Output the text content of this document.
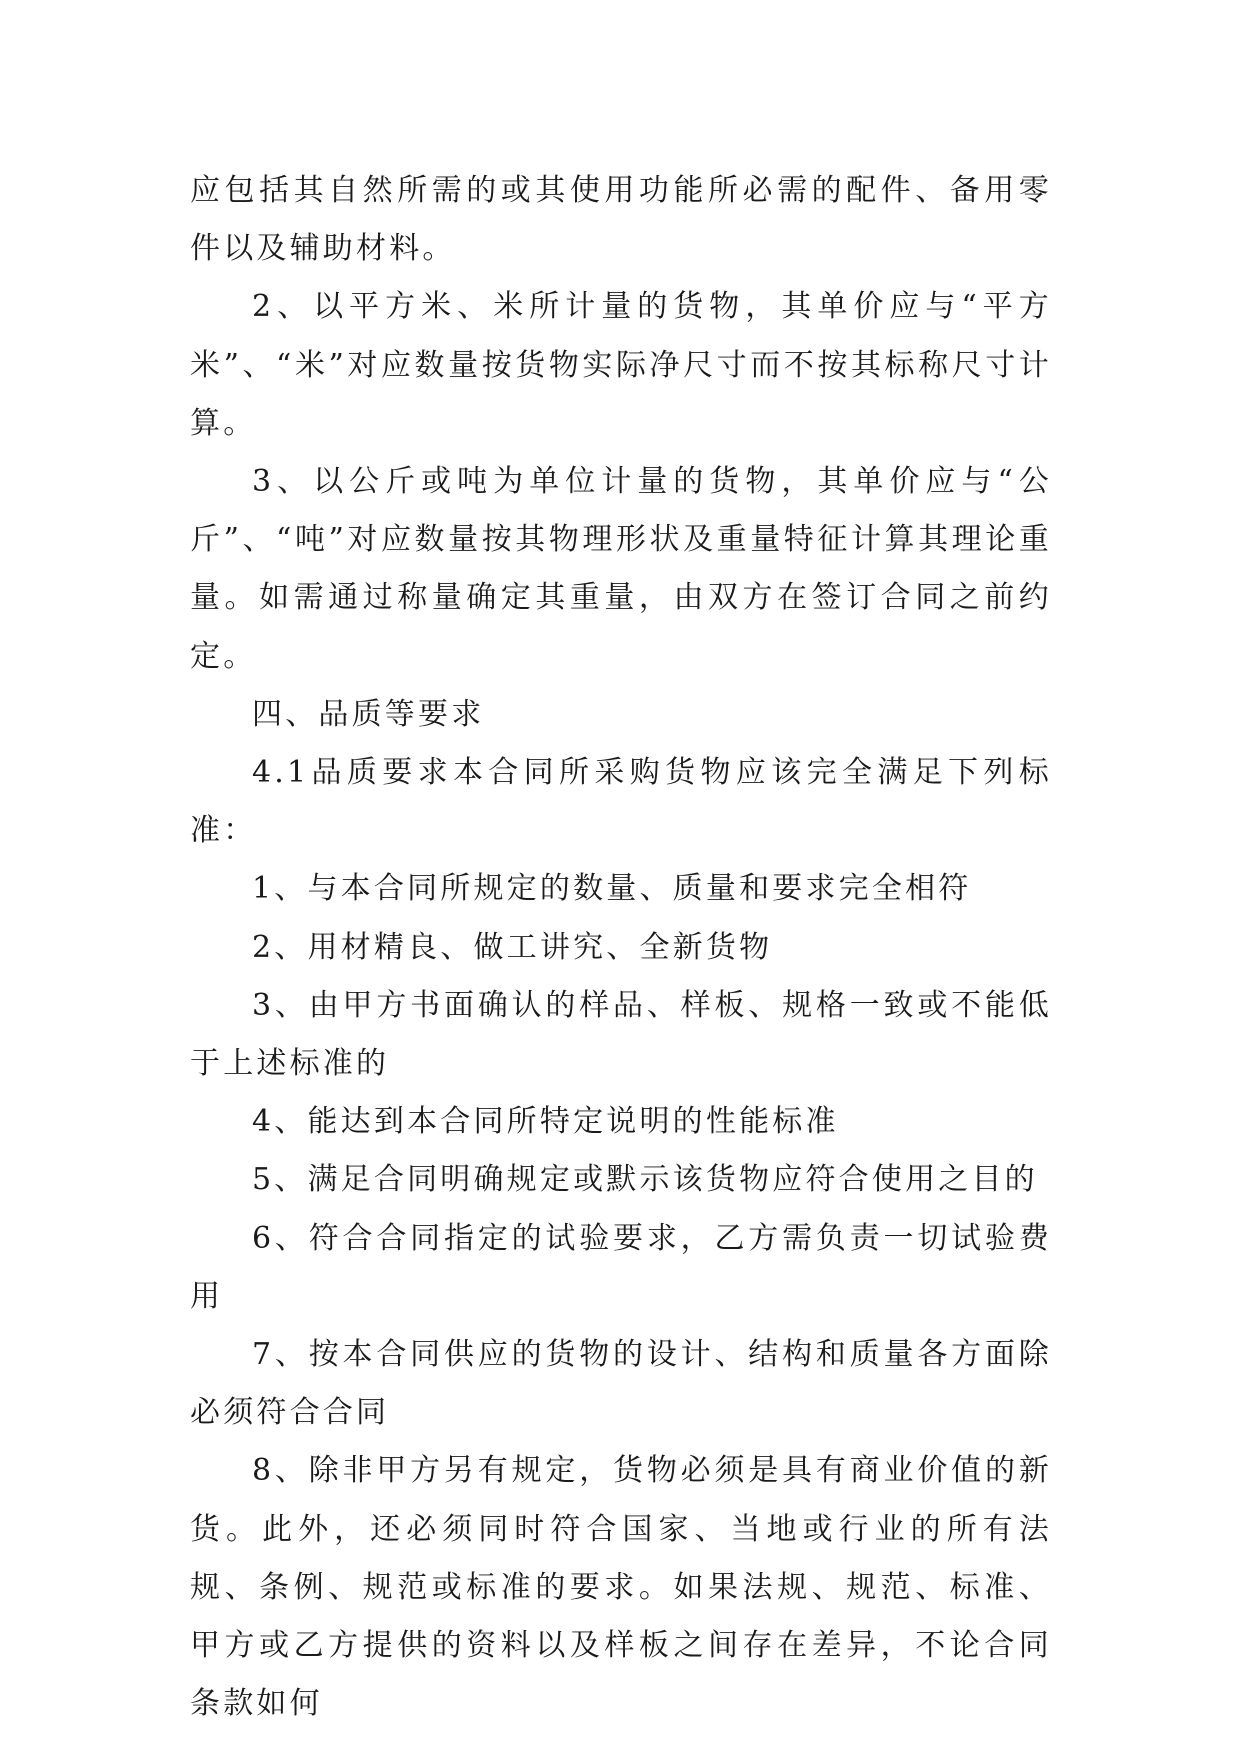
应包括其自然所需的或其使用功能所必需的配件、备用零件以及辅助材料。

2、以平方米、米所计量的货物，其单价应与“平方米”、“米”对应数量按货物实际净尺寸而不按其标称尺寸计算。

3、以公斤或吨为单位计量的货物，其单价应与“公斤”、“吨”对应数量按其物理形状及重量特征计算其理论重量。如需通过称量确定其重量，由双方在签订合同之前约定。

四、品质等要求

4.1品质要求本合同所采购货物应该完全满足下列标准：

1、与本合同所规定的数量、质量和要求完全相符

2、用材精良、做工讲究、全新货物

3、由甲方书面确认的样品、样板、规格一致或不能低于上述标准的

4、能达到本合同所特定说明的性能标准

5、满足合同明确规定或默示该货物应符合使用之目的

6、符合合同指定的试验要求，乙方需负责一切试验费用

7、按本合同供应的货物的设计、结构和质量各方面除必须符合合同

8、除非甲方另有规定，货物必须是具有商业价值的新货。此外，还必须同时符合国家、当地或行业的所有法规、条例、规范或标准的要求。如果法规、规范、标准、甲方或乙方提供的资料以及样板之间存在差异，不论合同条款如何
